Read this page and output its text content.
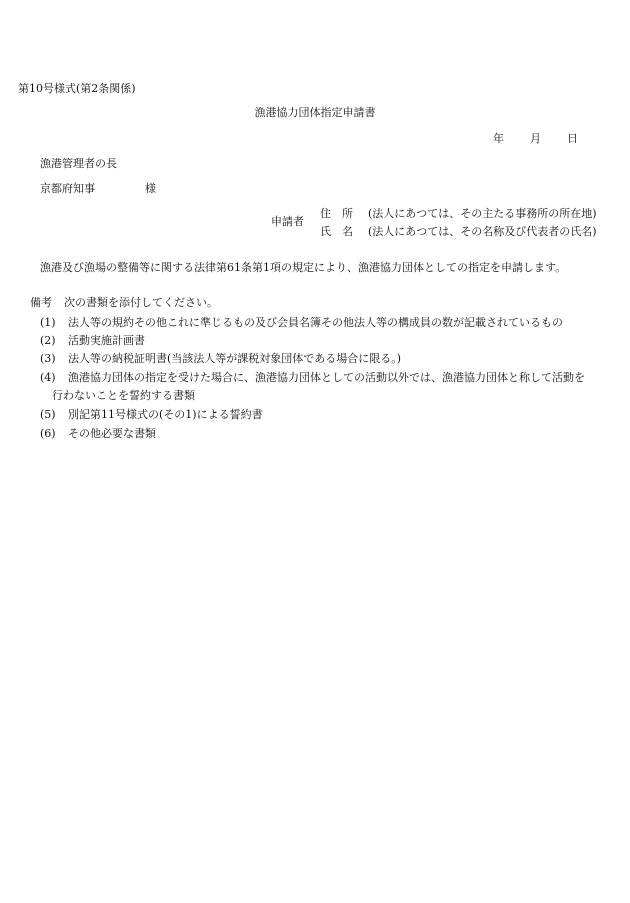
第10号様式(第2条関係)
漁港協力団体指定申請書
年 月 日
漁港管理者の長
京都府知事	様
申請者
住　所 (法人にあつては、その主たる事務所の所在地)
氏　名 (法人にあつては、その名称及び代表者の氏名)
漁港及び漁場の整備等に関する法律第61条第1項の規定により、漁港協力団体としての指定を申請します。
備考 次の書類を添付してください。
(1) 法人等の規約その他これに準じるもの及び会員名簿その他法人等の構成員の数が記載されているもの
(2) 活動実施計画書
(3) 法人等の納税証明書(当該法人等が課税対象団体である場合に限る。)
(4) 漁港協力団体の指定を受けた場合に、漁港協力団体としての活動以外では、漁港協力団体と称して活動を
行わないことを誓約する書類
(5) 別記第11号様式の(その1)による誓約書
(6) その他必要な書類
